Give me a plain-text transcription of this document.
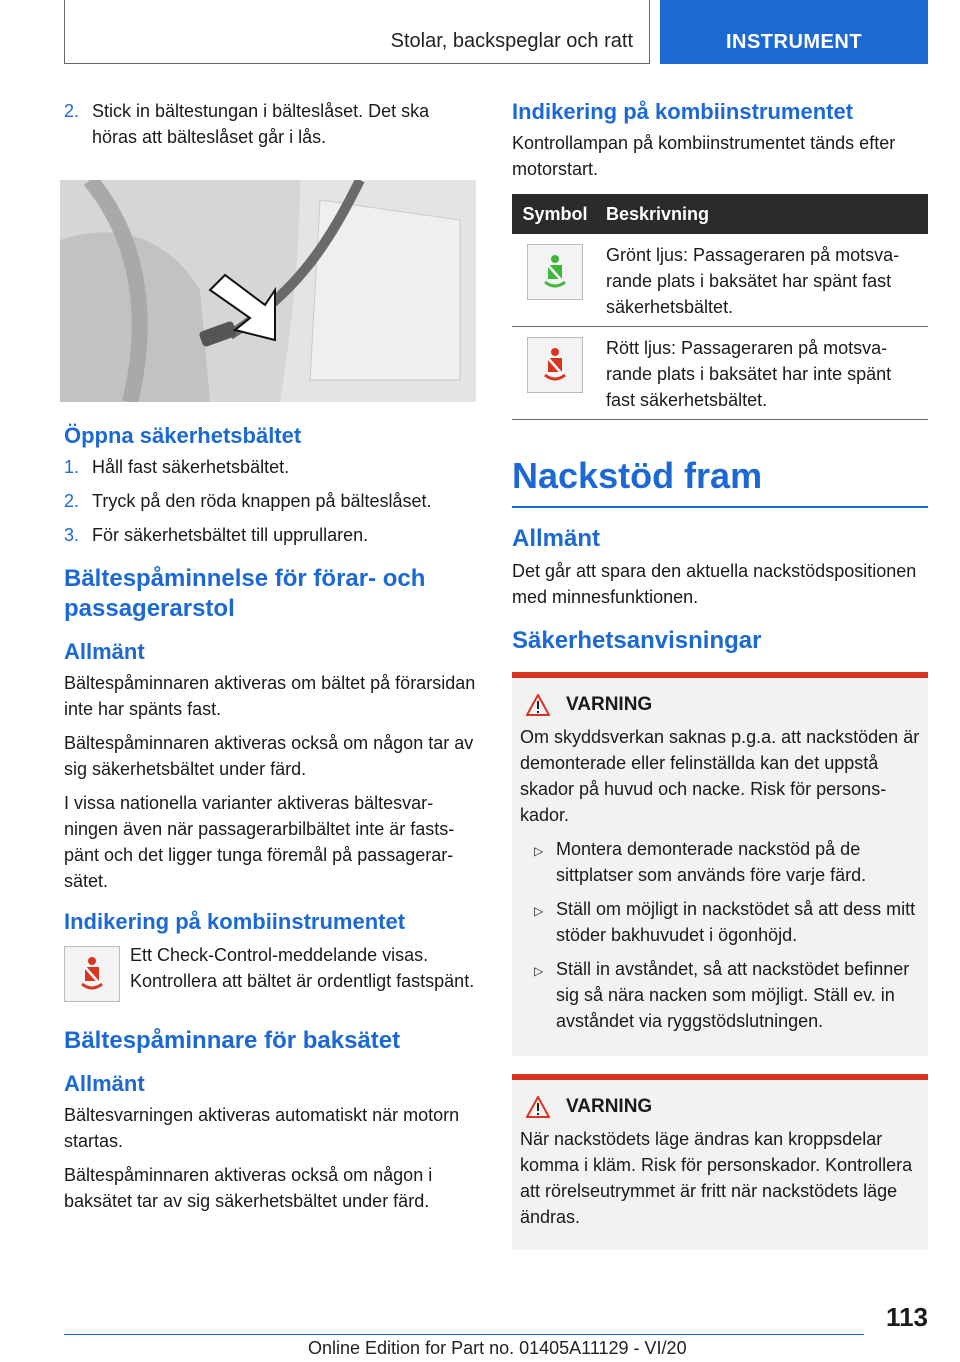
Stolar, backspeglar och ratt	INSTRUMENT
2. Stick in bältestungan i bälteslåset. Det ska höras att bälteslåset går i lås.
Öppna säkerhetsbältet
1. Håll fast säkerhetsbältet.
2. Tryck på den röda knappen på bälteslåset.
3. För säkerhetsbältet till upprullaren.
Bältespåminnelse för förar- och passagerarstol
Allmänt
Bältespåminnaren aktiveras om bältet på förarsidan inte har spänts fast.
Bältespåminnaren aktiveras också om någon tar av sig säkerhetsbältet under färd.
I vissa nationella varianter aktiveras bältesvarningen även när passagerarbilbältet inte är fastspänt och det ligger tunga föremål på passagerarsätet.
Indikering på kombiinstrumentet
Ett Check-Control-meddelande visas. Kontrollera att bältet är ordentligt fastspänt.
Bältespåminnare för baksätet
Allmänt
Bältesvarningen aktiveras automatiskt när motorn startas.
Bältespåminnaren aktiveras också om någon i baksätet tar av sig säkerhetsbältet under färd.
Indikering på kombiinstrumentet
Kontrollampan på kombiinstrumentet tänds efter motorstart.
Symbol	Beskrivning

	Grönt ljus: Passageraren på motsvarande plats i baksätet har spänt fast säkerhetsbältet.

	Rött ljus: Passageraren på motsvarande plats i baksätet har inte spänt fast säkerhetsbältet.
Nackstöd fram
Allmänt
Det går att spara den aktuella nackstödspositionen med minnesfunktionen.
Säkerhetsanvisningar
VARNING
Om skyddsverkan saknas p.g.a. att nackstöden är demonterade eller felinställda kan det uppstå skador på huvud och nacke. Risk för personskador.
▷ Montera demonterade nackstöd på de sittplatser som används före varje färd.
▷ Ställ om möjligt in nackstödet så att dess mitt stöder bakhuvudet i ögonhöjd.
▷ Ställ in avståndet, så att nackstödet befinner sig så nära nacken som möjligt. Ställ ev. in avståndet via ryggstödslutningen.
VARNING
När nackstödets läge ändras kan kroppsdelar komma i kläm. Risk för personskador. Kontrollera att rörelseutrymmet är fritt när nackstödets läge ändras.
113
Online Edition for Part no. 01405A11129 - VI/20
